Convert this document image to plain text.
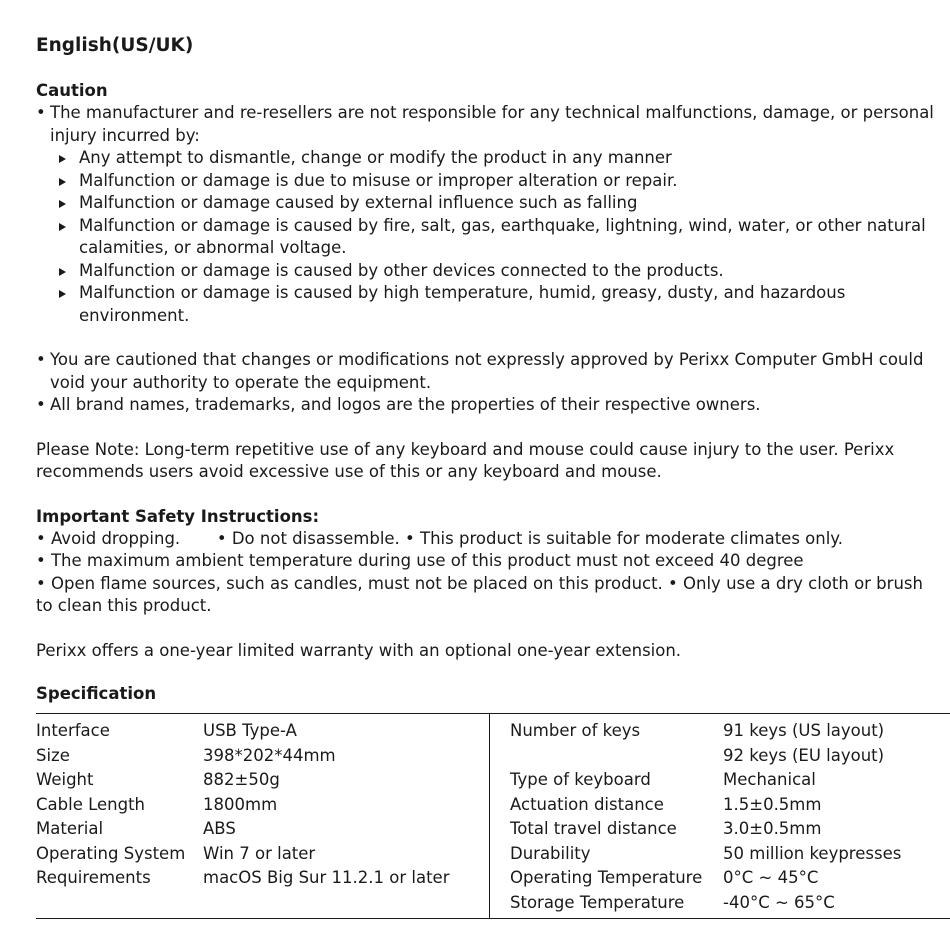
English(US/UK)
Caution
• The manufacturer and re-resellers are not responsible for any technical malfunctions, damage, or personal injury incurred by:
Any attempt to dismantle, change or modify the product in any manner
Malfunction or damage is due to misuse or improper alteration or repair.
Malfunction or damage caused by external influence such as falling
Malfunction or damage is caused by fire, salt, gas, earthquake, lightning, wind, water, or other natural calamities, or abnormal voltage.
Malfunction or damage is caused by other devices connected to the products.
Malfunction or damage is caused by high temperature, humid, greasy, dusty, and hazardous environment.
• You are cautioned that changes or modifications not expressly approved by Perixx Computer GmbH could void your authority to operate the equipment.
• All brand names, trademarks, and logos are the properties of their respective owners.
Please Note: Long-term repetitive use of any keyboard and mouse could cause injury to the user. Perixx recommends users avoid excessive use of this or any keyboard and mouse.
Important Safety Instructions:
• Avoid dropping.       • Do not disassemble. • This product is suitable for moderate climates only.
• The maximum ambient temperature during use of this product must not exceed 40 degree
• Open flame sources, such as candles, must not be placed on this product. • Only use a dry cloth or brush to clean this product.
Perixx offers a one-year limited warranty with an optional one-year extension.
Specification
Interface	USB Type-A
Size	398*202*44mm
Weight	882±50g
Cable Length	1800mm
Material	ABS
Operating System	Win 7 or later
Requirements	macOS Big Sur 11.2.1 or later
Number of keys	91 keys (US layout)
92 keys (EU layout)
Type of keyboard	Mechanical
Actuation distance	1.5±0.5mm
Total travel distance	3.0±0.5mm
Durability	50 million keypresses
Operating Temperature	0°C ~ 45°C
Storage Temperature	-40°C ~ 65°C
